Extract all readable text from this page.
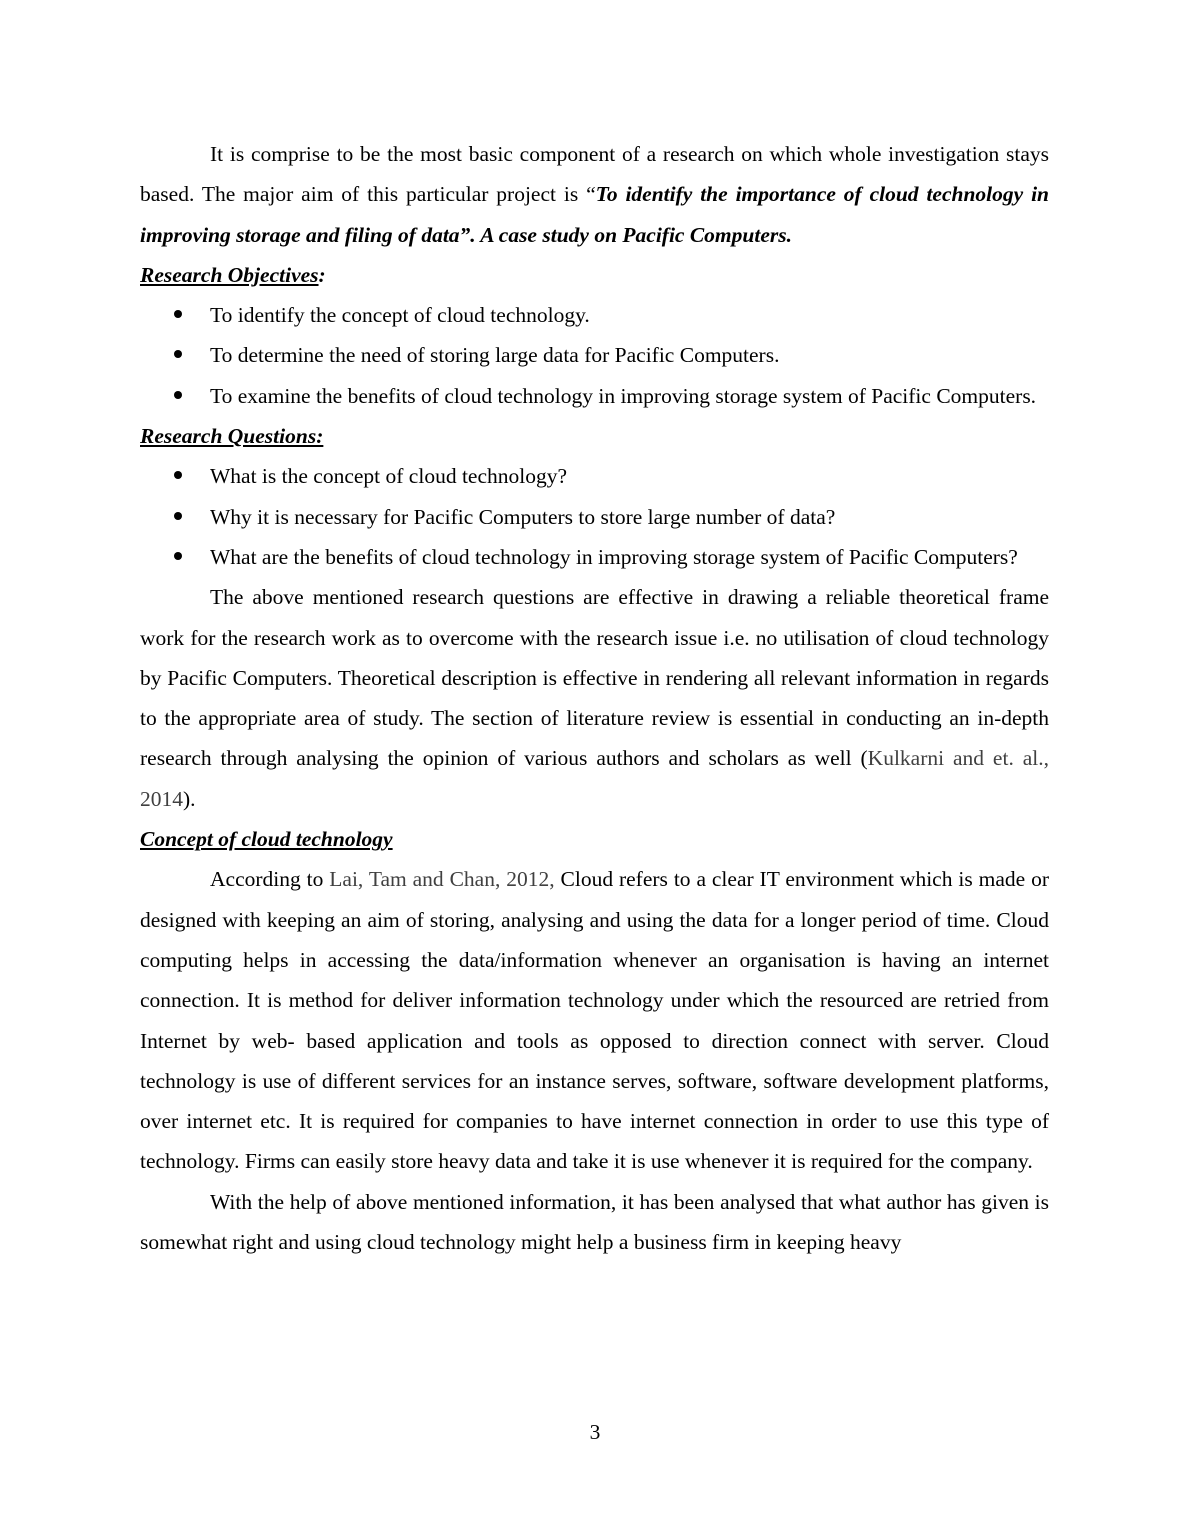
It is comprise to be the most basic component of a research on which whole investigation stays based. The major aim of this particular project is “To identify the importance of cloud technology in improving storage and filing of data”. A case study on Pacific Computers.

Research Objectives:
To identify the concept of cloud technology.
To determine the need of storing large data for Pacific Computers.
To examine the benefits of cloud technology in improving storage system of Pacific Computers.
Research Questions:
What is the concept of cloud technology?
Why it is necessary for Pacific Computers to store large number of data?
What are the benefits of cloud technology in improving storage system of Pacific Computers?

The above mentioned research questions are effective in drawing a reliable theoretical frame work for the research work as to overcome with the research issue i.e. no utilisation of cloud technology by Pacific Computers. Theoretical description is effective in rendering all relevant information in regards to the appropriate area of study. The section of literature review is essential in conducting an in-depth research through analysing the opinion of various authors and scholars as well (Kulkarni and et. al., 2014).

Concept of cloud technology

According to Lai, Tam and Chan, 2012, Cloud refers to a clear IT environment which is made or designed with keeping an aim of storing, analysing and using the data for a longer period of time. Cloud computing helps in accessing the data/information whenever an organisation is having an internet connection. It is method for deliver information technology under which the resourced are retried from Internet by web- based application and tools as opposed to direction connect with server. Cloud technology is use of different services for an instance serves, software, software development platforms, over internet etc. It is required for companies to have internet connection in order to use this type of technology. Firms can easily store heavy data and take it is use whenever it is required for the company.

With the help of above mentioned information, it has been analysed that what author has given is somewhat right and using cloud technology might help a business firm in keeping heavy

3
